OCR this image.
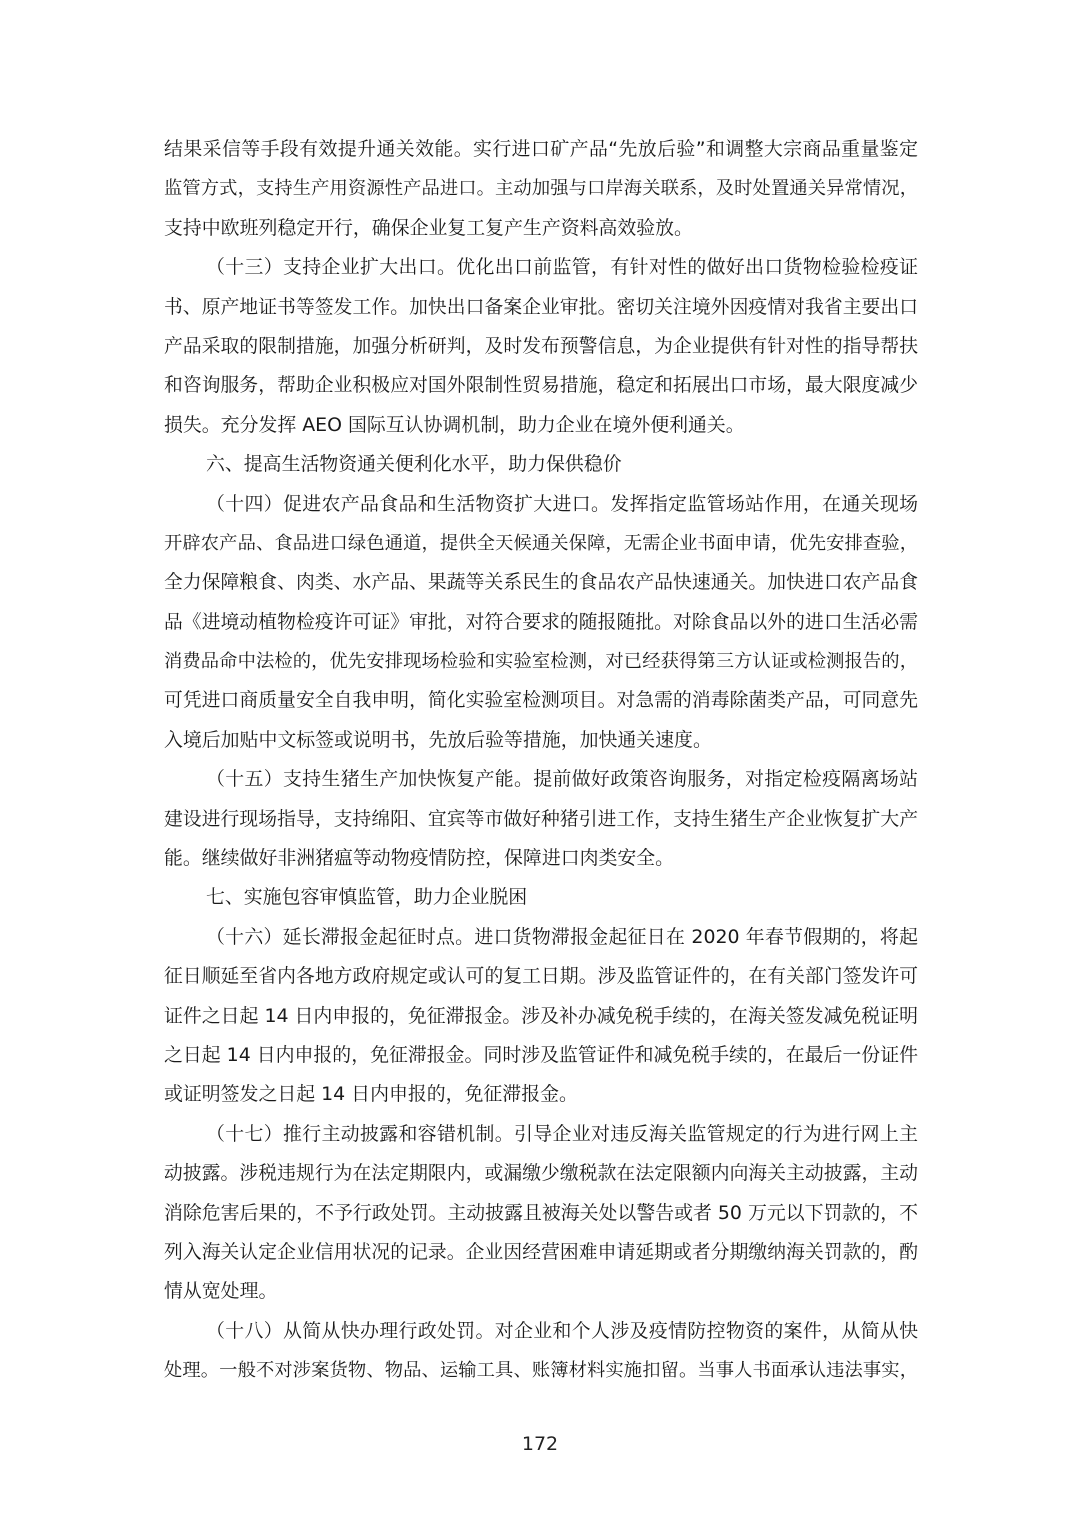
结果采信等手段有效提升通关效能。实行进口矿产品“先放后验”和调整大宗商品重量鉴定
监管方式，支持生产用资源性产品进口。主动加强与口岸海关联系，及时处置通关异常情况，
支持中欧班列稳定开行，确保企业复工复产生产资料高效验放。
（十三）支持企业扩大出口。优化出口前监管，有针对性的做好出口货物检验检疫证
书、原产地证书等签发工作。加快出口备案企业审批。密切关注境外因疫情对我省主要出口
产品采取的限制措施，加强分析研判，及时发布预警信息，为企业提供有针对性的指导帮扶
和咨询服务，帮助企业积极应对国外限制性贸易措施，稳定和拓展出口市场，最大限度减少
损失。充分发挥 AEO 国际互认协调机制，助力企业在境外便利通关。
六、提高生活物资通关便利化水平，助力保供稳价
（十四）促进农产品食品和生活物资扩大进口。发挥指定监管场站作用，在通关现场
开辟农产品、食品进口绿色通道，提供全天候通关保障，无需企业书面申请，优先安排查验，
全力保障粮食、肉类、水产品、果蔬等关系民生的食品农产品快速通关。加快进口农产品食
品《进境动植物检疫许可证》审批，对符合要求的随报随批。对除食品以外的进口生活必需
消费品命中法检的，优先安排现场检验和实验室检测，对已经获得第三方认证或检测报告的，
可凭进口商质量安全自我申明，简化实验室检测项目。对急需的消毒除菌类产品，可同意先
入境后加贴中文标签或说明书，先放后验等措施，加快通关速度。
（十五）支持生猪生产加快恢复产能。提前做好政策咨询服务，对指定检疫隔离场站
建设进行现场指导，支持绵阳、宜宾等市做好种猪引进工作，支持生猪生产企业恢复扩大产
能。继续做好非洲猪瘟等动物疫情防控，保障进口肉类安全。
七、实施包容审慎监管，助力企业脱困
（十六）延长滞报金起征时点。进口货物滞报金起征日在 2020 年春节假期的，将起
征日顺延至省内各地方政府规定或认可的复工日期。涉及监管证件的，在有关部门签发许可
证件之日起 14 日内申报的，免征滞报金。涉及补办减免税手续的，在海关签发减免税证明
之日起 14 日内申报的，免征滞报金。同时涉及监管证件和减免税手续的，在最后一份证件
或证明签发之日起 14 日内申报的，免征滞报金。
（十七）推行主动披露和容错机制。引导企业对违反海关监管规定的行为进行网上主
动披露。涉税违规行为在法定期限内，或漏缴少缴税款在法定限额内向海关主动披露，主动
消除危害后果的，不予行政处罚。主动披露且被海关处以警告或者 50 万元以下罚款的，不
列入海关认定企业信用状况的记录。企业因经营困难申请延期或者分期缴纳海关罚款的，酌
情从宽处理。
（十八）从简从快办理行政处罚。对企业和个人涉及疫情防控物资的案件，从简从快
处理。一般不对涉案货物、物品、运输工具、账簿材料实施扣留。当事人书面承认违法事实，
172
